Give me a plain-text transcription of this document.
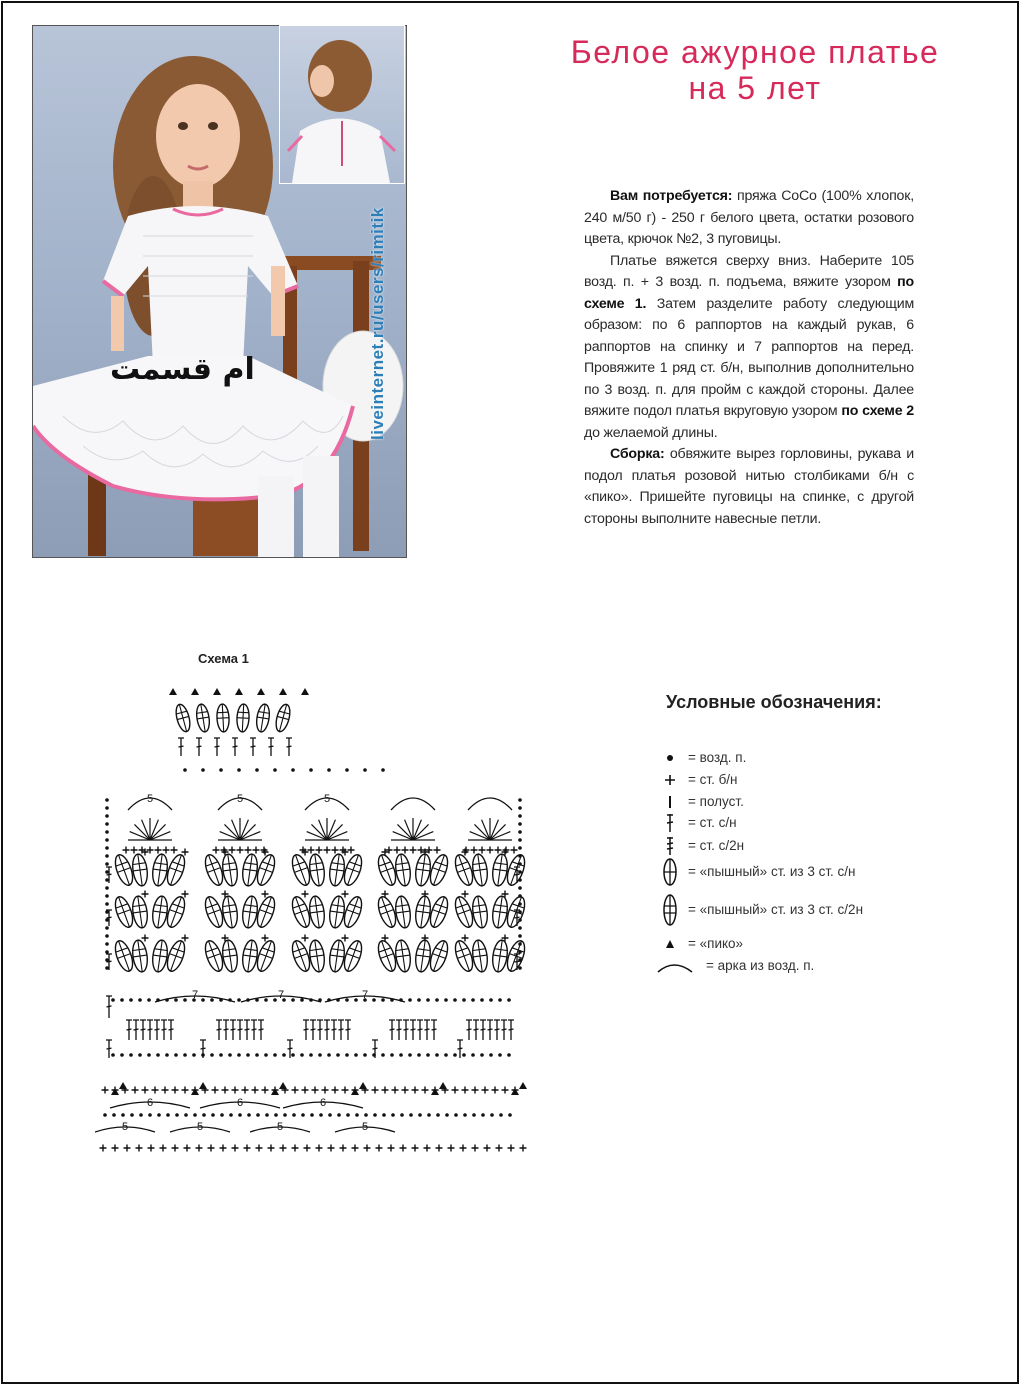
liveinternet.ru/users/rimitik
ام قسمت
Белое ажурное платье
на 5 лет

Вам потребуется: пряжа CoCo (100% хлопок, 240 м/50 г) - 250 г белого цвета, остатки розового цвета, крючок №2, 3 пуговицы.

Платье вяжется сверху вниз. Наберите 105 возд. п. + 3 возд. п. подъема, вяжите узором по схеме 1. Затем разделите работу следующим образом: по 6 раппортов на каждый рукав, 6 раппортов на спинку и 7 раппортов на перед. Провяжите 1 ряд ст. б/н, выполнив дополнительно по 3 возд. п. для пройм с каждой стороны. Далее вяжите подол платья вкруговую узором по схеме 2 до желаемой длины.

Сборка: обвяжите вырез горловины, рукава и подол платья розовой нитью столбиками б/н с «пико». Пришейте пуговицы на спинке, с другой стороны выполните навесные петли.

Схема 1
5	5	5
7	7	7
6	6	6
5	5	5	5
Условные обозначения:
= возд. п.
= ст. б/н
= полуст.
= ст. с/н
= ст. с/2н
= «пышный» ст. из 3 ст. с/н
= «пышный» ст. из 3 ст. с/2н
= «пико»
= арка из возд. п.
